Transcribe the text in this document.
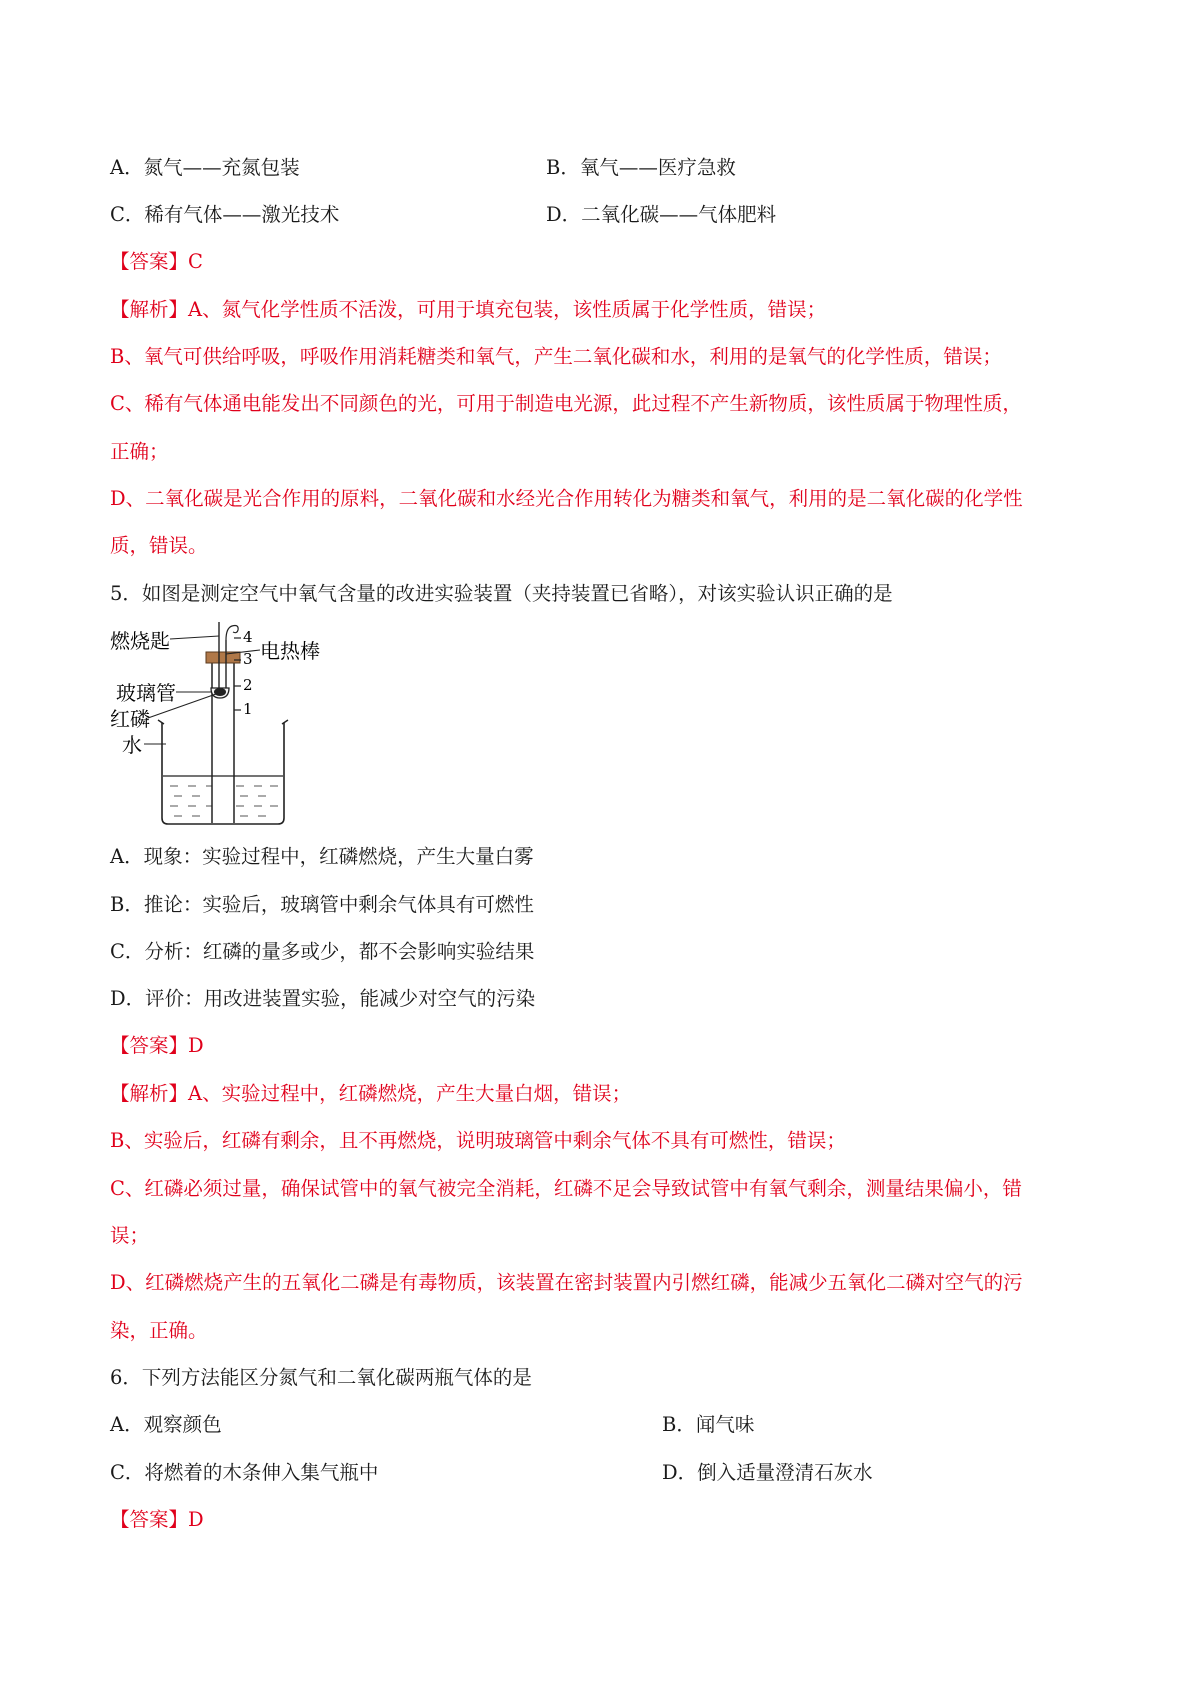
A．氮气——充氮包装	B．氧气——医疗急救
C．稀有气体——激光技术	D．二氧化碳——气体肥料
【答案】C
【解析】A、氮气化学性质不活泼，可用于填充包装，该性质属于化学性质，错误；
B、氧气可供给呼吸，呼吸作用消耗糖类和氧气，产生二氧化碳和水，利用的是氧气的化学性质，错误；
C、稀有气体通电能发出不同颜色的光，可用于制造电光源，此过程不产生新物质，该性质属于物理性质，
正确；
D、二氧化碳是光合作用的原料，二氧化碳和水经光合作用转化为糖类和氧气，利用的是二氧化碳的化学性
质，错误。
5．如图是测定空气中氧气含量的改进实验装置（夹持装置已省略），对该实验认识正确的是
4
3
2
1
燃烧匙	电热棒
玻璃管
红磷
水
A．现象：实验过程中，红磷燃烧，产生大量白雾
B．推论：实验后，玻璃管中剩余气体具有可燃性
C．分析：红磷的量多或少，都不会影响实验结果
D．评价：用改进装置实验，能减少对空气的污染
【答案】D
【解析】A、实验过程中，红磷燃烧，产生大量白烟，错误；
B、实验后，红磷有剩余，且不再燃烧，说明玻璃管中剩余气体不具有可燃性，错误；
C、红磷必须过量，确保试管中的氧气被完全消耗，红磷不足会导致试管中有氧气剩余，测量结果偏小，错
误；
D、红磷燃烧产生的五氧化二磷是有毒物质，该装置在密封装置内引燃红磷，能减少五氧化二磷对空气的污
染，正确。
6．下列方法能区分氮气和二氧化碳两瓶气体的是
A．观察颜色	B．闻气味
C．将燃着的木条伸入集气瓶中	D．倒入适量澄清石灰水
【答案】D
